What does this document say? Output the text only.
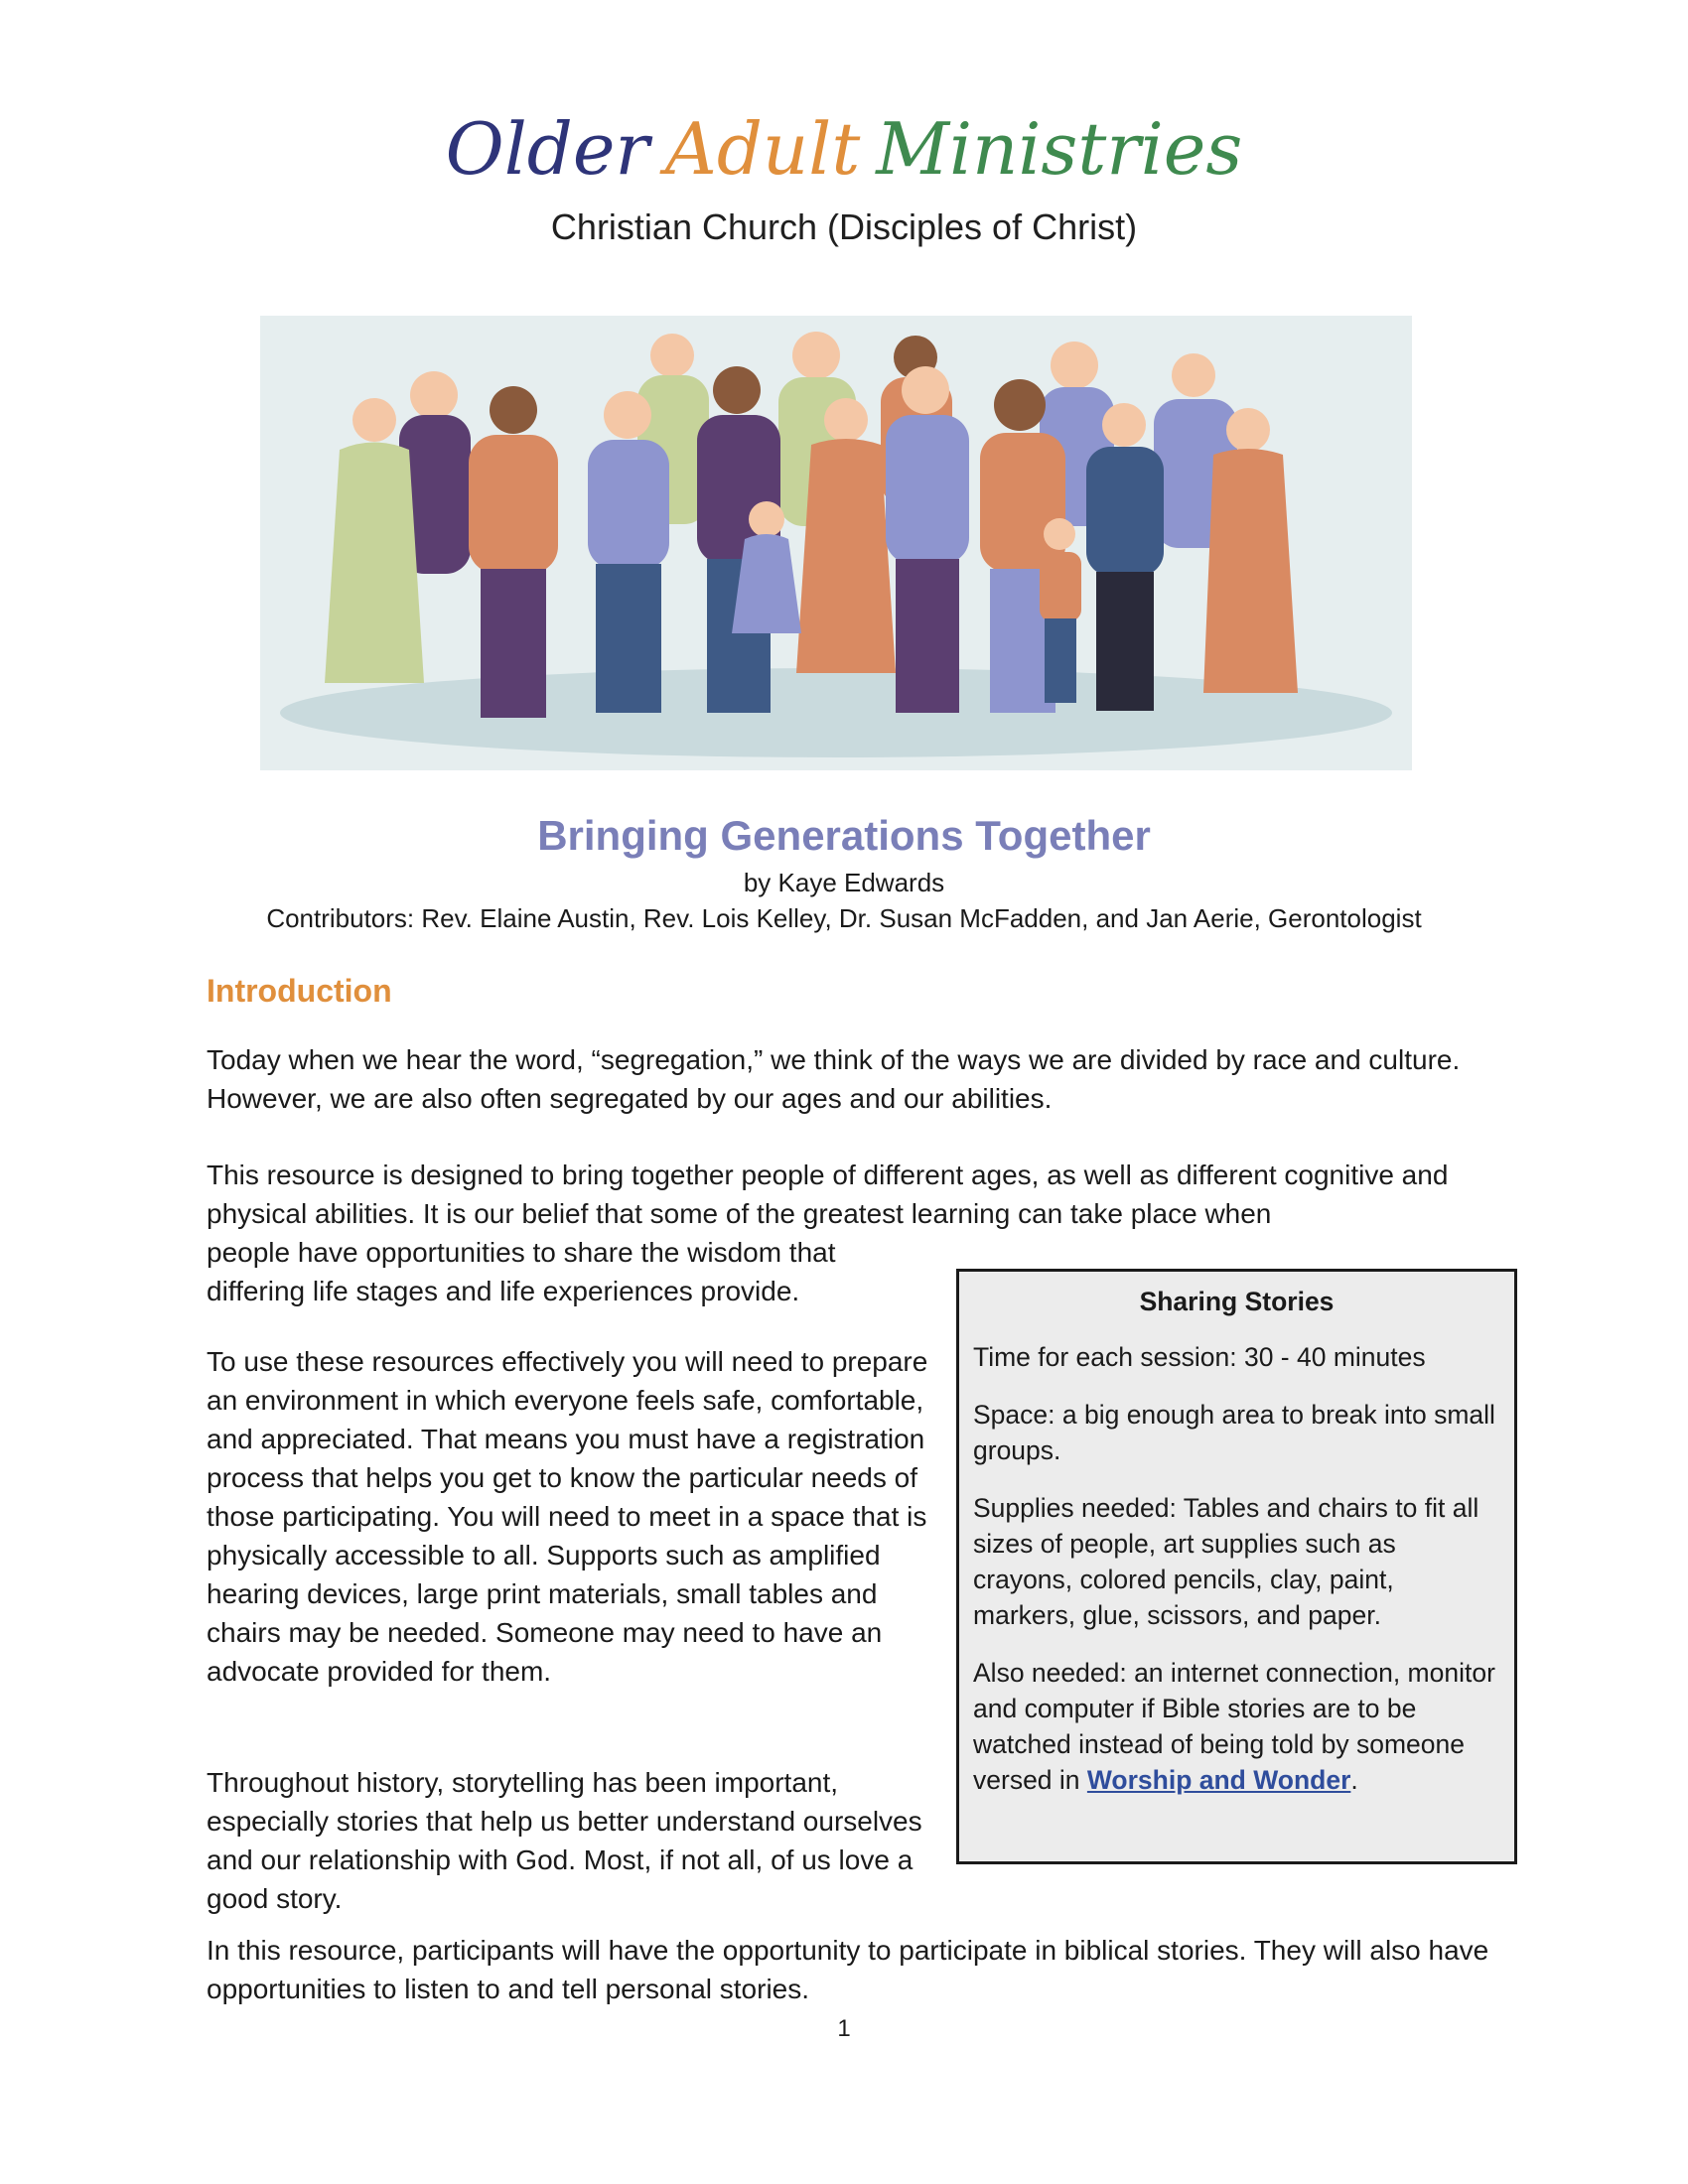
Older Adult Ministries
Christian Church (Disciples of Christ)
Bringing Generations Together
by Kaye Edwards
Contributors: Rev. Elaine Austin, Rev. Lois Kelley, Dr. Susan McFadden, and Jan Aerie, Gerontologist
Introduction
Today when we hear the word, “segregation,” we think of the ways we are divided by race and culture. However, we are also often segregated by our ages and our abilities.
This resource is designed to bring together people of different ages, as well as different cognitive and physical abilities. It is our belief that some of the greatest learning can take place when
people have opportunities to share the wisdom that differing life stages and life experiences provide.
To use these resources effectively you will need to prepare an environment in which everyone feels safe, comfortable, and appreciated. That means you must have a registration process that helps you get to know the particular needs of those participating. You will need to meet in a space that is physically accessible to all. Supports such as amplified hearing devices, large print materials, small tables and chairs may be needed. Someone may need to have an advocate provided for them.
Throughout history, storytelling has been important, especially stories that help us better understand ourselves and our relationship with God. Most, if not all, of us love a good story.
In this resource, participants will have the opportunity to participate in biblical stories. They will also have opportunities to listen to and tell personal stories.
Sharing Stories

Time for each session: 30 - 40 minutes

Space: a big enough area to break into small groups.

Supplies needed: Tables and chairs to fit all sizes of people, art supplies such as crayons, colored pencils, clay, paint, markers, glue, scissors, and paper.

Also needed: an internet connection, monitor and computer if Bible stories are to be watched instead of being told by someone versed in Worship and Wonder.

1
